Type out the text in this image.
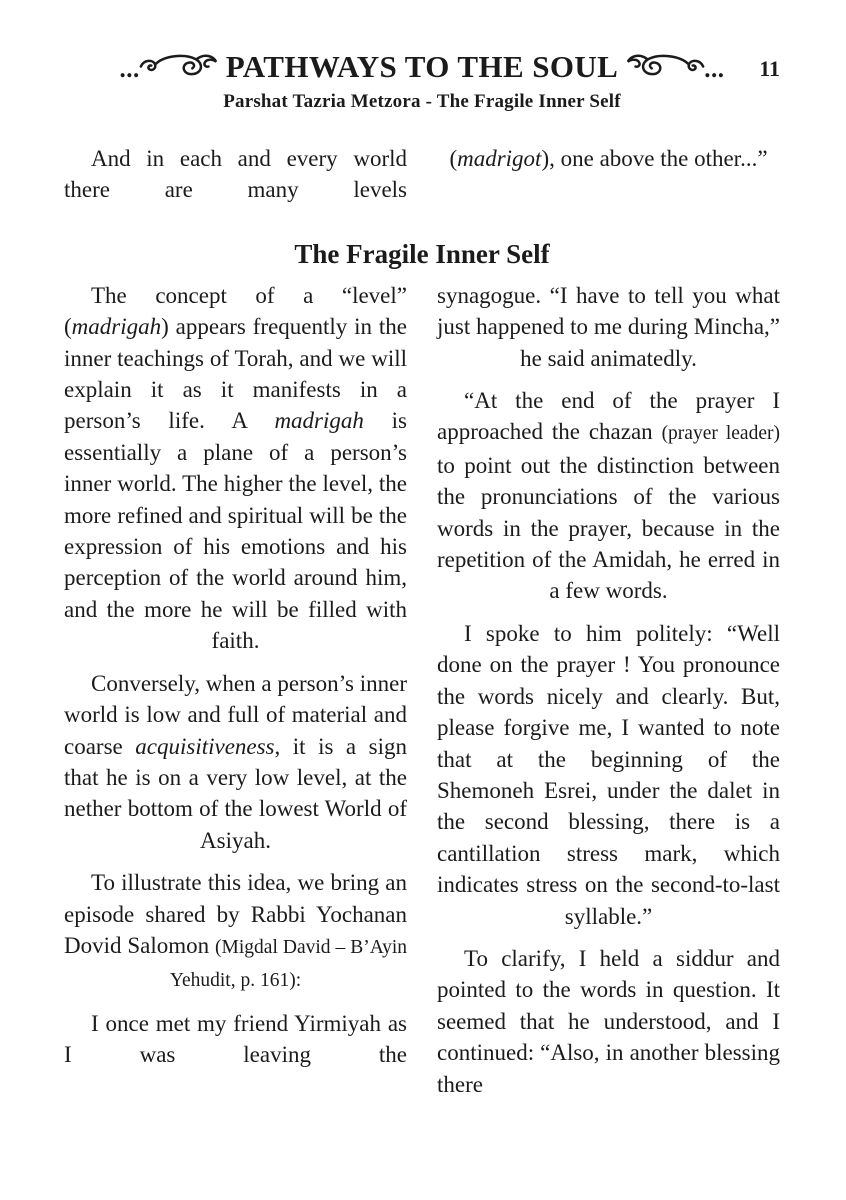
...	PATHWAYS TO THE SOUL	... 11
Parshat Tazria Metzora - The Fragile Inner Self

And in each and every world there are many levels

(madrigot), one above the other...”

The Fragile Inner Self

The concept of a “level” (madrigah) appears frequently in the inner teachings of Torah, and we will explain it as it manifests in a person’s life. A madrigah is essentially a plane of a person’s inner world. The higher the level, the more refined and spiritual will be the expression of his emotions and his perception of the world around him, and the more he will be filled with faith.

Conversely, when a person’s inner world is low and full of material and coarse acquisitiveness, it is a sign that he is on a very low level, at the nether bottom of the lowest World of Asiyah.

To illustrate this idea, we bring an episode shared by Rabbi Yochanan Dovid Salomon (Migdal David – B’Ayin Yehudit, p. 161):

I once met my friend Yirmiyah as I was leaving the

synagogue. “I have to tell you what just happened to me during Mincha,” he said animatedly.

“At the end of the prayer I approached the chazan (prayer leader) to point out the distinction between the pronunciations of the various words in the prayer, because in the repetition of the Amidah, he erred in a few words.

I spoke to him politely: “Well done on the prayer ! You pronounce the words nicely and clearly. But, please forgive me, I wanted to note that at the beginning of the Shemoneh Esrei, under the dalet in the second blessing, there is a cantillation stress mark, which indicates stress on the second-to-last syllable.”

To clarify, I held a siddur and pointed to the words in question. It seemed that he understood, and I continued: “Also, in another blessing there
